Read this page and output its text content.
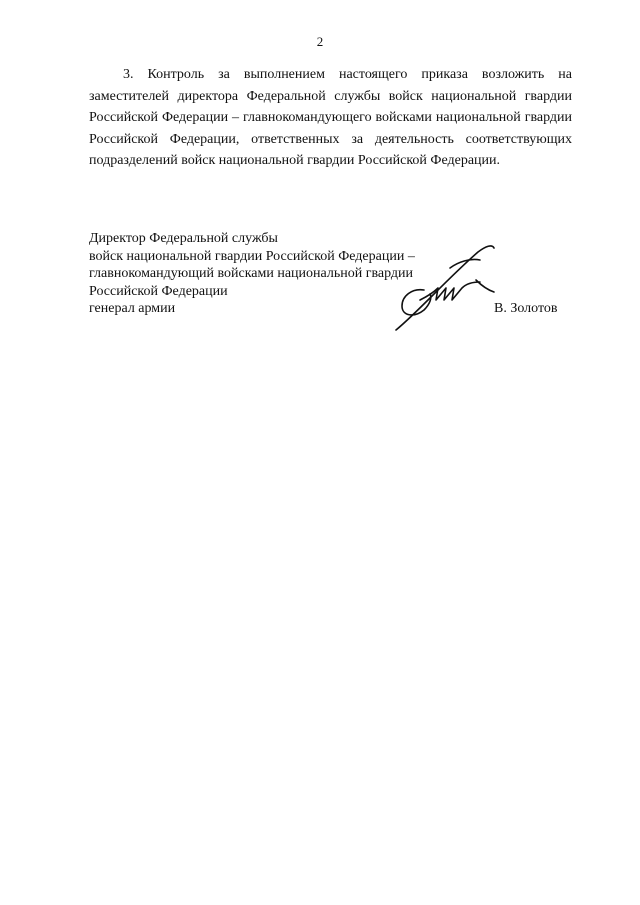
2

3. Контроль за выполнением настоящего приказа возложить на заместителей директора Федеральной службы войск национальной гвардии Российской Федерации – главнокомандующего войсками национальной гвардии Российской Федерации, ответственных за деятельность соответствующих подразделений войск национальной гвардии Российской Федерации.

Директор Федеральной службы
войск национальной гвардии Российской Федерации –
главнокомандующий войсками национальной гвардии
Российской Федерации
генерал армии	В. Золотов
